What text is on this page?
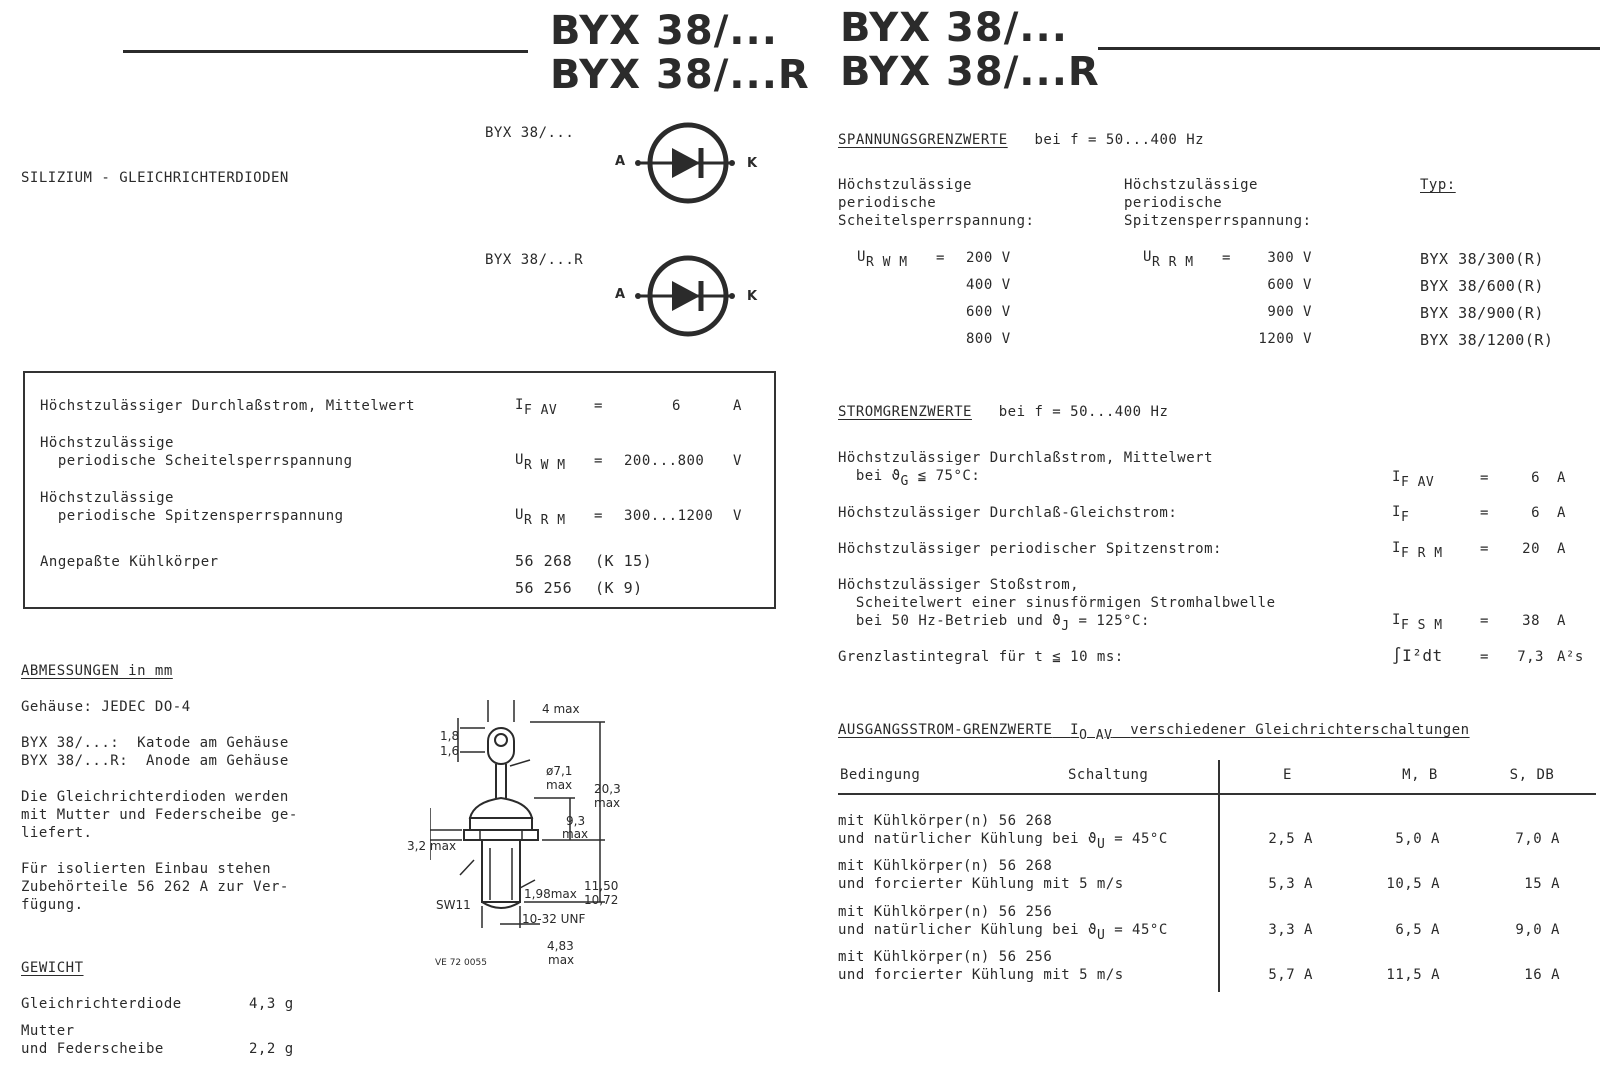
BYX 38/...
BYX 38/...R
BYX 38/...
BYX 38/...R
SILIZIUM - GLEICHRICHTERDIODEN
BYX 38/...
BYX 38/...R
A	K
A	K
Höchstzulässiger Durchlaßstrom, Mittelwert	IF AV	=	6	A
Höchstzulässige
periodische Scheitelsperrspannung	UR W M = 200...800 V
Höchstzulässige
periodische Spitzensperrspannung	UR R M = 300...1200 V
Angepaßte Kühlkörper	56 268 (K 15)
56 256 (K 9)
ABMESSUNGEN in mm
Gehäuse: JEDEC DO-4
BYX 38/...:  Katode am Gehäuse
BYX 38/...R:  Anode am Gehäuse
Die Gleichrichterdioden werden
mit Mutter und Federscheibe ge-
liefert.
Für isolierten Einbau stehen
Zubehörteile 56 262 A zur Ver-
fügung.
GEWICHT
Gleichrichterdiode	4,3 g
Mutter
und Federscheibe	2,2 g
4 max
1,8
1,6
ø7,1
max 20,3
max
9,3
max
3,2 max
SW11
1,98max
11,50
10,72
10-32 UNF
4,83
max
VE 72 0055
SPANNUNGSGRENZWERTE bei f = 50...400 Hz
Höchstzulässige
periodische
Scheitelsperrspannung:
Höchstzulässige
periodische
Spitzensperrspannung:
Typ:
UR W M =	UR R M =
200 V	300 V	BYX 38/300(R)
400 V	600 V	BYX 38/600(R)
600 V	900 V	BYX 38/900(R)
800 V	1200 V	BYX 38/1200(R)
STROMGRENZWERTE bei f = 50...400 Hz
Höchstzulässiger Durchlaßstrom, Mittelwert
bei ϑG ≦ 75°C:	IF AV	=	6 A
Höchstzulässiger Durchlaß-Gleichstrom:	IF	=	6 A
Höchstzulässiger periodischer Spitzenstrom:	IF R M	=	20 A
Höchstzulässiger Stoßstrom,
Scheitelwert einer sinusförmigen Stromhalbwelle
bei 50 Hz-Betrieb und ϑJ = 125°C:	IF S M	=	38 A
Grenzlastintegral für t ≦ 10 ms:	∫I²dt	=	7,3 A²s
AUSGANGSSTROM-GRENZWERTE IO AV verschiedener Gleichrichterschaltungen
Bedingung	Schaltung	E	M, B	S, DB
mit Kühlkörper(n) 56 268
und natürlicher Kühlung bei ϑU = 45°C	2,5 A	5,0 A	7,0 A
mit Kühlkörper(n) 56 268
und forcierter Kühlung mit 5 m/s	5,3 A	10,5 A	15 A
mit Kühlkörper(n) 56 256
und natürlicher Kühlung bei ϑU = 45°C	3,3 A	6,5 A	9,0 A
mit Kühlkörper(n) 56 256
und forcierter Kühlung mit 5 m/s	5,7 A	11,5 A	16 A
